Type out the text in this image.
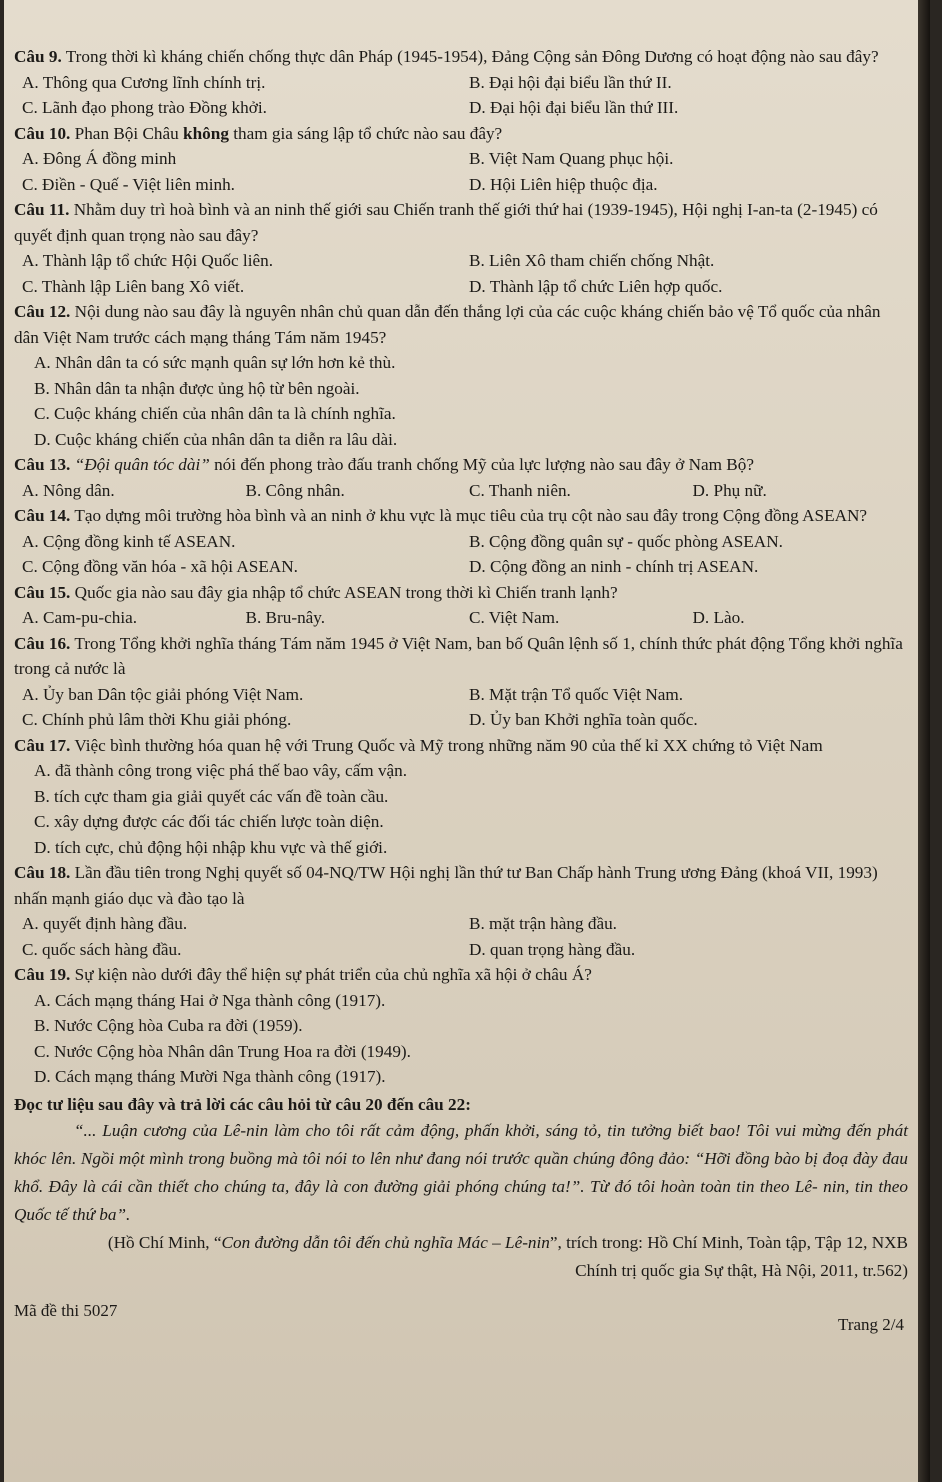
Câu 9. Trong thời kì kháng chiến chống thực dân Pháp (1945-1954), Đảng Cộng sản Đông Dương có hoạt động nào sau đây?

A. Thông qua Cương lĩnh chính trị.	B. Đại hội đại biểu lần thứ II.
C. Lãnh đạo phong trào Đồng khởi.	D. Đại hội đại biểu lần thứ III.

Câu 10. Phan Bội Châu không tham gia sáng lập tổ chức nào sau đây?

A. Đông Á đồng minh	B. Việt Nam Quang phục hội.
C. Điền - Quế - Việt liên minh.	D. Hội Liên hiệp thuộc địa.

Câu 11. Nhằm duy trì hoà bình và an ninh thế giới sau Chiến tranh thế giới thứ hai (1939-1945), Hội nghị I-an-ta (2-1945) có quyết định quan trọng nào sau đây?

A. Thành lập tổ chức Hội Quốc liên.	B. Liên Xô tham chiến chống Nhật.
C. Thành lập Liên bang Xô viết.	D. Thành lập tổ chức Liên hợp quốc.

Câu 12. Nội dung nào sau đây là nguyên nhân chủ quan dẫn đến thắng lợi của các cuộc kháng chiến bảo vệ Tổ quốc của nhân dân Việt Nam trước cách mạng tháng Tám năm 1945?

A. Nhân dân ta có sức mạnh quân sự lớn hơn kẻ thù.
B. Nhân dân ta nhận được ủng hộ từ bên ngoài.
C. Cuộc kháng chiến của nhân dân ta là chính nghĩa.
D. Cuộc kháng chiến của nhân dân ta diễn ra lâu dài.

Câu 13. “Đội quân tóc dài” nói đến phong trào đấu tranh chống Mỹ của lực lượng nào sau đây ở Nam Bộ?

A. Nông dân.	B. Công nhân.	C. Thanh niên.	D. Phụ nữ.

Câu 14. Tạo dựng môi trường hòa bình và an ninh ở khu vực là mục tiêu của trụ cột nào sau đây trong Cộng đồng ASEAN?

A. Cộng đồng kinh tế ASEAN.	B. Cộng đồng quân sự - quốc phòng ASEAN.
C. Cộng đồng văn hóa - xã hội ASEAN.	D. Cộng đồng an ninh - chính trị ASEAN.

Câu 15. Quốc gia nào sau đây gia nhập tổ chức ASEAN trong thời kì Chiến tranh lạnh?

A. Cam-pu-chia.	B. Bru-nây.	C. Việt Nam.	D. Lào.

Câu 16. Trong Tổng khởi nghĩa tháng Tám năm 1945 ở Việt Nam, ban bố Quân lệnh số 1, chính thức phát động Tổng khởi nghĩa trong cả nước là

A. Ủy ban Dân tộc giải phóng Việt Nam.	B. Mặt trận Tổ quốc Việt Nam.
C. Chính phủ lâm thời Khu giải phóng.	D. Ủy ban Khởi nghĩa toàn quốc.

Câu 17. Việc bình thường hóa quan hệ với Trung Quốc và Mỹ trong những năm 90 của thế kỉ XX chứng tỏ Việt Nam

A. đã thành công trong việc phá thế bao vây, cấm vận.
B. tích cực tham gia giải quyết các vấn đề toàn cầu.
C. xây dựng được các đối tác chiến lược toàn diện.
D. tích cực, chủ động hội nhập khu vực và thế giới.

Câu 18. Lần đầu tiên trong Nghị quyết số 04-NQ/TW Hội nghị lần thứ tư Ban Chấp hành Trung ương Đảng (khoá VII, 1993) nhấn mạnh giáo dục và đào tạo là

A. quyết định hàng đầu.	B. mặt trận hàng đầu.
C. quốc sách hàng đầu.	D. quan trọng hàng đầu.

Câu 19. Sự kiện nào dưới đây thể hiện sự phát triển của chủ nghĩa xã hội ở châu Á?

A. Cách mạng tháng Hai ở Nga thành công (1917).
B. Nước Cộng hòa Cuba ra đời (1959).
C. Nước Cộng hòa Nhân dân Trung Hoa ra đời (1949).
D. Cách mạng tháng Mười Nga thành công (1917).

Đọc tư liệu sau đây và trả lời các câu hỏi từ câu 20 đến câu 22:

“... Luận cương của Lê-nin làm cho tôi rất cảm động, phấn khởi, sáng tỏ, tin tưởng biết bao! Tôi vui mừng đến phát khóc lên. Ngồi một mình trong buồng mà tôi nói to lên như đang nói trước quần chúng đông đảo: “Hỡi đồng bào bị đoạ đày đau khổ. Đây là cái cần thiết cho chúng ta, đây là con đường giải phóng chúng ta!”. Từ đó tôi hoàn toàn tin theo Lê- nin, tin theo Quốc tế thứ ba”.

(Hồ Chí Minh, “Con đường dẫn tôi đến chủ nghĩa Mác – Lê-nin”, trích trong: Hồ Chí Minh, Toàn tập, Tập 12, NXB Chính trị quốc gia Sự thật, Hà Nội, 2011, tr.562)

Mã đề thi 5027
Trang 2/4
